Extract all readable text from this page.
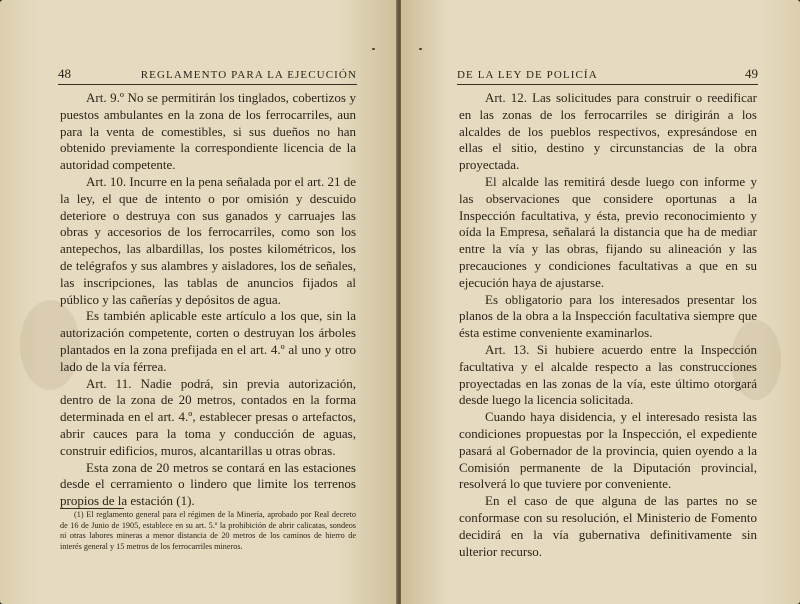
48	REGLAMENTO PARA LA EJECUCIÓN

Art. 9.º No se permitirán los tinglados, cobertizos y puestos ambulantes en la zona de los ferrocarriles, aun para la venta de comestibles, si sus dueños no han obtenido previamente la correspondiente licencia de la autoridad competente.

Art. 10. Incurre en la pena señalada por el art. 21 de la ley, el que de intento o por omisión y descuido deteriore o destruya con sus ganados y carruajes las obras y accesorios de los ferrocarriles, como son los antepechos, las albardillas, los postes kilométricos, los de telégrafos y sus alambres y aisladores, los de señales, las inscripciones, las tablas de anuncios fijados al público y las cañerías y depósitos de agua.

Es también aplicable este artículo a los que, sin la autorización competente, corten o destruyan los árboles plantados en la zona prefijada en el art. 4.º al uno y otro lado de la vía férrea.

Art. 11. Nadie podrá, sin previa autorización, dentro de la zona de 20 metros, contados en la forma determinada en el art. 4.º, establecer presas o artefactos, abrir cauces para la toma y conducción de aguas, construir edificios, muros, alcantarillas u otras obras.

Esta zona de 20 metros se contará en las estaciones desde el cerramiento o lindero que limite los terrenos propios de la estación (1).

(1) El reglamento general para el régimen de la Minería, aprobado por Real decreto de 16 de Junio de 1905, establece en su art. 5.º la prohibición de abrir calicatas, sondeos ni otras labores mineras a menor distancia de 20 metros de los caminos de hierro de interés general y 15 metros de los ferrocarriles mineros.

DE LA LEY DE POLICÍA	49

Art. 12. Las solicitudes para construir o reedificar en las zonas de los ferrocarriles se dirigirán a los alcaldes de los pueblos respectivos, expresándose en ellas el sitio, destino y circunstancias de la obra proyectada.

El alcalde las remitirá desde luego con informe y las observaciones que considere oportunas a la Inspección facultativa, y ésta, previo reconocimiento y oída la Empresa, señalará la distancia que ha de mediar entre la vía y las obras, fijando su alineación y las precauciones y condiciones facultativas a que en su ejecución haya de ajustarse.

Es obligatorio para los interesados presentar los planos de la obra a la Inspección facultativa siempre que ésta estime conveniente examinarlos.

Art. 13. Si hubiere acuerdo entre la Inspección facultativa y el alcalde respecto a las construcciones proyectadas en las zonas de la vía, este último otorgará desde luego la licencia solicitada.

Cuando haya disidencia, y el interesado resista las condiciones propuestas por la Inspección, el expediente pasará al Gobernador de la provincia, quien oyendo a la Comisión permanente de la Diputación provincial, resolverá lo que tuviere por conveniente.

En el caso de que alguna de las partes no se conformase con su resolución, el Ministerio de Fomento decidirá en la vía gubernativa definitivamente sin ulterior recurso.
